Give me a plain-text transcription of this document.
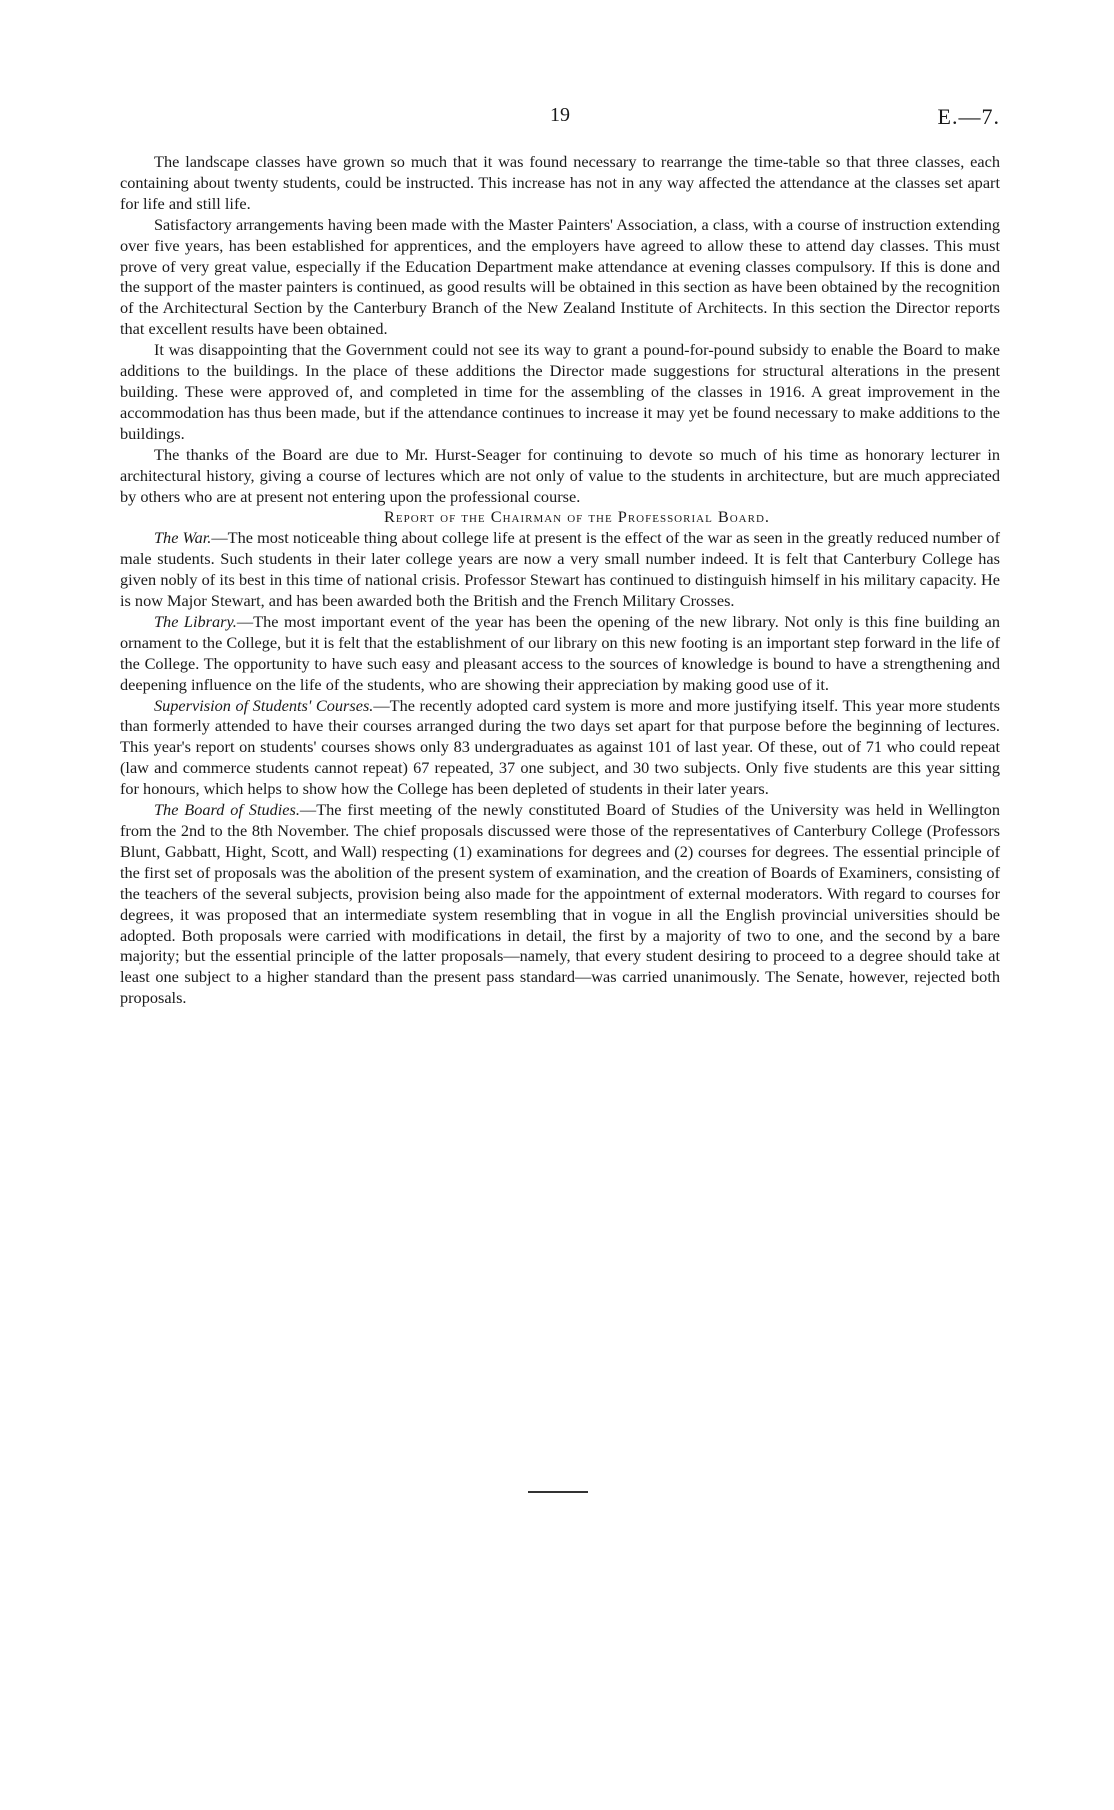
19	E.—7.

The landscape classes have grown so much that it was found necessary to rearrange the time-table so that three classes, each containing about twenty students, could be instructed. This increase has not in any way affected the attendance at the classes set apart for life and still life.

Satisfactory arrangements having been made with the Master Painters' Association, a class, with a course of instruction extending over five years, has been established for apprentices, and the employers have agreed to allow these to attend day classes. This must prove of very great value, especially if the Education Department make attendance at evening classes compulsory. If this is done and the support of the master painters is continued, as good results will be obtained in this section as have been obtained by the recognition of the Architectural Section by the Canterbury Branch of the New Zealand Institute of Architects. In this section the Director reports that excellent results have been obtained.

It was disappointing that the Government could not see its way to grant a pound-for-pound subsidy to enable the Board to make additions to the buildings. In the place of these additions the Director made suggestions for structural alterations in the present building. These were approved of, and completed in time for the assembling of the classes in 1916. A great improvement in the accommodation has thus been made, but if the attendance continues to increase it may yet be found necessary to make additions to the buildings.

The thanks of the Board are due to Mr. Hurst-Seager for continuing to devote so much of his time as honorary lecturer in architectural history, giving a course of lectures which are not only of value to the students in architecture, but are much appreciated by others who are at present not entering upon the professional course.

Report of the Chairman of the Professorial Board.

The War.—The most noticeable thing about college life at present is the effect of the war as seen in the greatly reduced number of male students. Such students in their later college years are now a very small number indeed. It is felt that Canterbury College has given nobly of its best in this time of national crisis. Professor Stewart has continued to distinguish himself in his military capacity. He is now Major Stewart, and has been awarded both the British and the French Military Crosses.

The Library.—The most important event of the year has been the opening of the new library. Not only is this fine building an ornament to the College, but it is felt that the establishment of our library on this new footing is an important step forward in the life of the College. The opportunity to have such easy and pleasant access to the sources of knowledge is bound to have a strengthening and deepening influence on the life of the students, who are showing their appreciation by making good use of it.

Supervision of Students' Courses.—The recently adopted card system is more and more justifying itself. This year more students than formerly attended to have their courses arranged during the two days set apart for that purpose before the beginning of lectures. This year's report on students' courses shows only 83 undergraduates as against 101 of last year. Of these, out of 71 who could repeat (law and commerce students cannot repeat) 67 repeated, 37 one subject, and 30 two subjects. Only five students are this year sitting for honours, which helps to show how the College has been depleted of students in their later years.

The Board of Studies.—The first meeting of the newly constituted Board of Studies of the University was held in Wellington from the 2nd to the 8th November. The chief proposals discussed were those of the representatives of Canterbury College (Professors Blunt, Gabbatt, Hight, Scott, and Wall) respecting (1) examinations for degrees and (2) courses for degrees. The essential principle of the first set of proposals was the abolition of the present system of examination, and the creation of Boards of Examiners, consisting of the teachers of the several subjects, provision being also made for the appointment of external moderators. With regard to courses for degrees, it was proposed that an intermediate system resembling that in vogue in all the English provincial universities should be adopted. Both proposals were carried with modifications in detail, the first by a majority of two to one, and the second by a bare majority; but the essential principle of the latter proposals—namely, that every student desiring to proceed to a degree should take at least one subject to a higher standard than the present pass standard—was carried unanimously. The Senate, however, rejected both proposals.
